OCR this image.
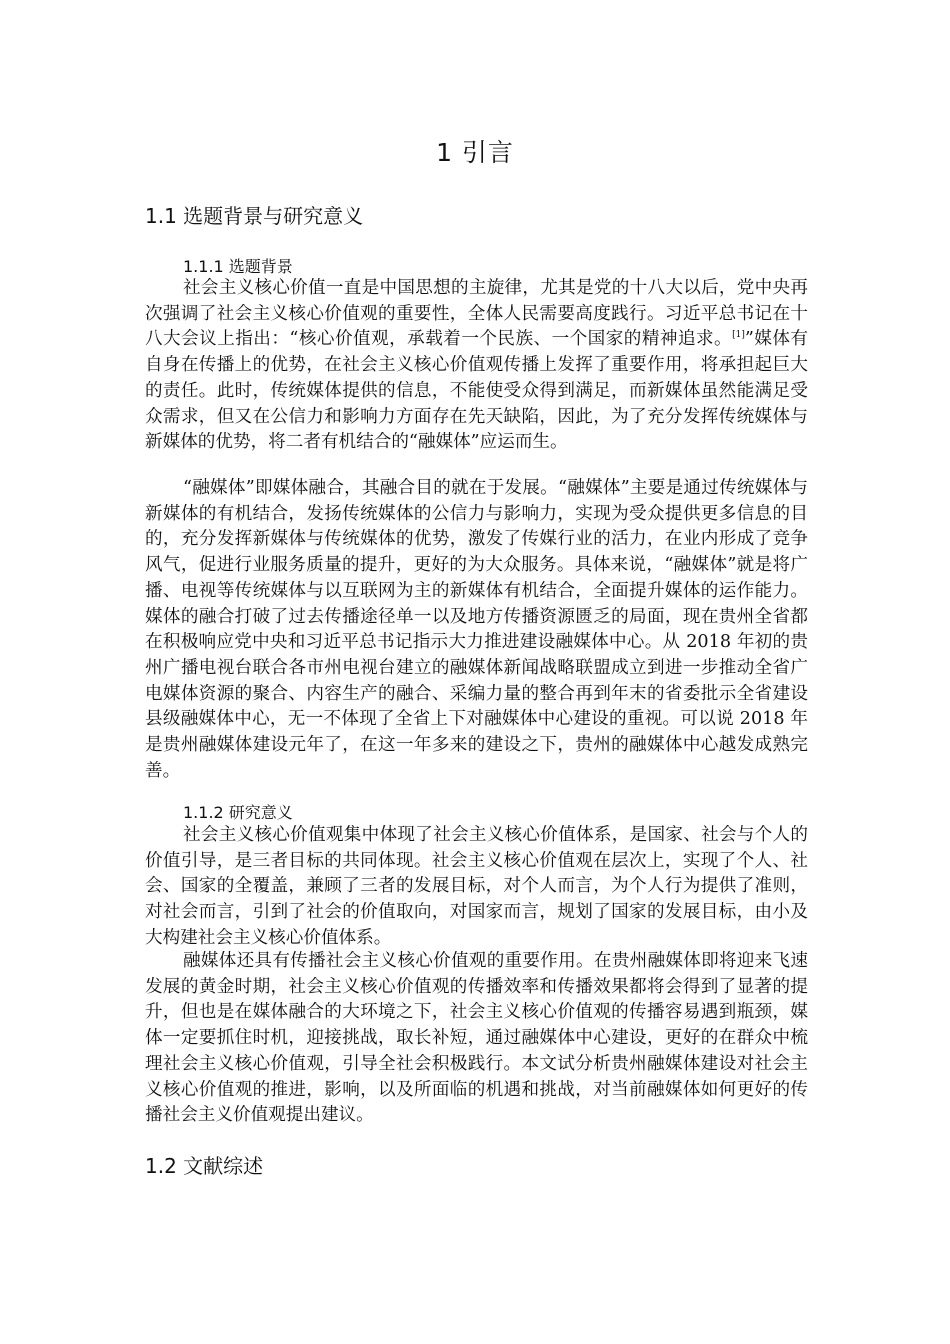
1 引言
1.1 选题背景与研究意义
1.1.1 选题背景

社会主义核心价值一直是中国思想的主旋律，尤其是党的十八大以后，党中央再次强调了社会主义核心价值观的重要性，全体人民需要高度践行。习近平总书记在十八大会议上指出：“核心价值观，承载着一个民族、一个国家的精神追求。[1]”媒体有自身在传播上的优势，在社会主义核心价值观传播上发挥了重要作用，将承担起巨大的责任。此时，传统媒体提供的信息，不能使受众得到满足，而新媒体虽然能满足受众需求，但又在公信力和影响力方面存在先天缺陷，因此，为了充分发挥传统媒体与新媒体的优势，将二者有机结合的“融媒体”应运而生。

“融媒体”即媒体融合，其融合目的就在于发展。“融媒体”主要是通过传统媒体与新媒体的有机结合，发扬传统媒体的公信力与影响力，实现为受众提供更多信息的目的，充分发挥新媒体与传统媒体的优势，激发了传媒行业的活力，在业内形成了竞争风气，促进行业服务质量的提升，更好的为大众服务。具体来说，“融媒体”就是将广播、电视等传统媒体与以互联网为主的新媒体有机结合，全面提升媒体的运作能力。媒体的融合打破了过去传播途径单一以及地方传播资源匮乏的局面，现在贵州全省都在积极响应党中央和习近平总书记指示大力推进建设融媒体中心。从 2018 年初的贵州广播电视台联合各市州电视台建立的融媒体新闻战略联盟成立到进一步推动全省广电媒体资源的聚合、内容生产的融合、采编力量的整合再到年末的省委批示全省建设县级融媒体中心，无一不体现了全省上下对融媒体中心建设的重视。可以说 2018 年是贵州融媒体建设元年了，在这一年多来的建设之下，贵州的融媒体中心越发成熟完善。

1.1.2 研究意义

社会主义核心价值观集中体现了社会主义核心价值体系，是国家、社会与个人的价值引导，是三者目标的共同体现。社会主义核心价值观在层次上，实现了个人、社会、国家的全覆盖，兼顾了三者的发展目标，对个人而言，为个人行为提供了准则，对社会而言，引到了社会的价值取向，对国家而言，规划了国家的发展目标，由小及大构建社会主义核心价值体系。

融媒体还具有传播社会主义核心价值观的重要作用。在贵州融媒体即将迎来飞速发展的黄金时期，社会主义核心价值观的传播效率和传播效果都将会得到了显著的提升，但也是在媒体融合的大环境之下，社会主义核心价值观的传播容易遇到瓶颈，媒体一定要抓住时机，迎接挑战，取长补短，通过融媒体中心建设，更好的在群众中梳理社会主义核心价值观，引导全社会积极践行。本文试分析贵州融媒体建设对社会主义核心价值观的推进，影响，以及所面临的机遇和挑战，对当前融媒体如何更好的传播社会主义价值观提出建议。

1.2 文献综述
